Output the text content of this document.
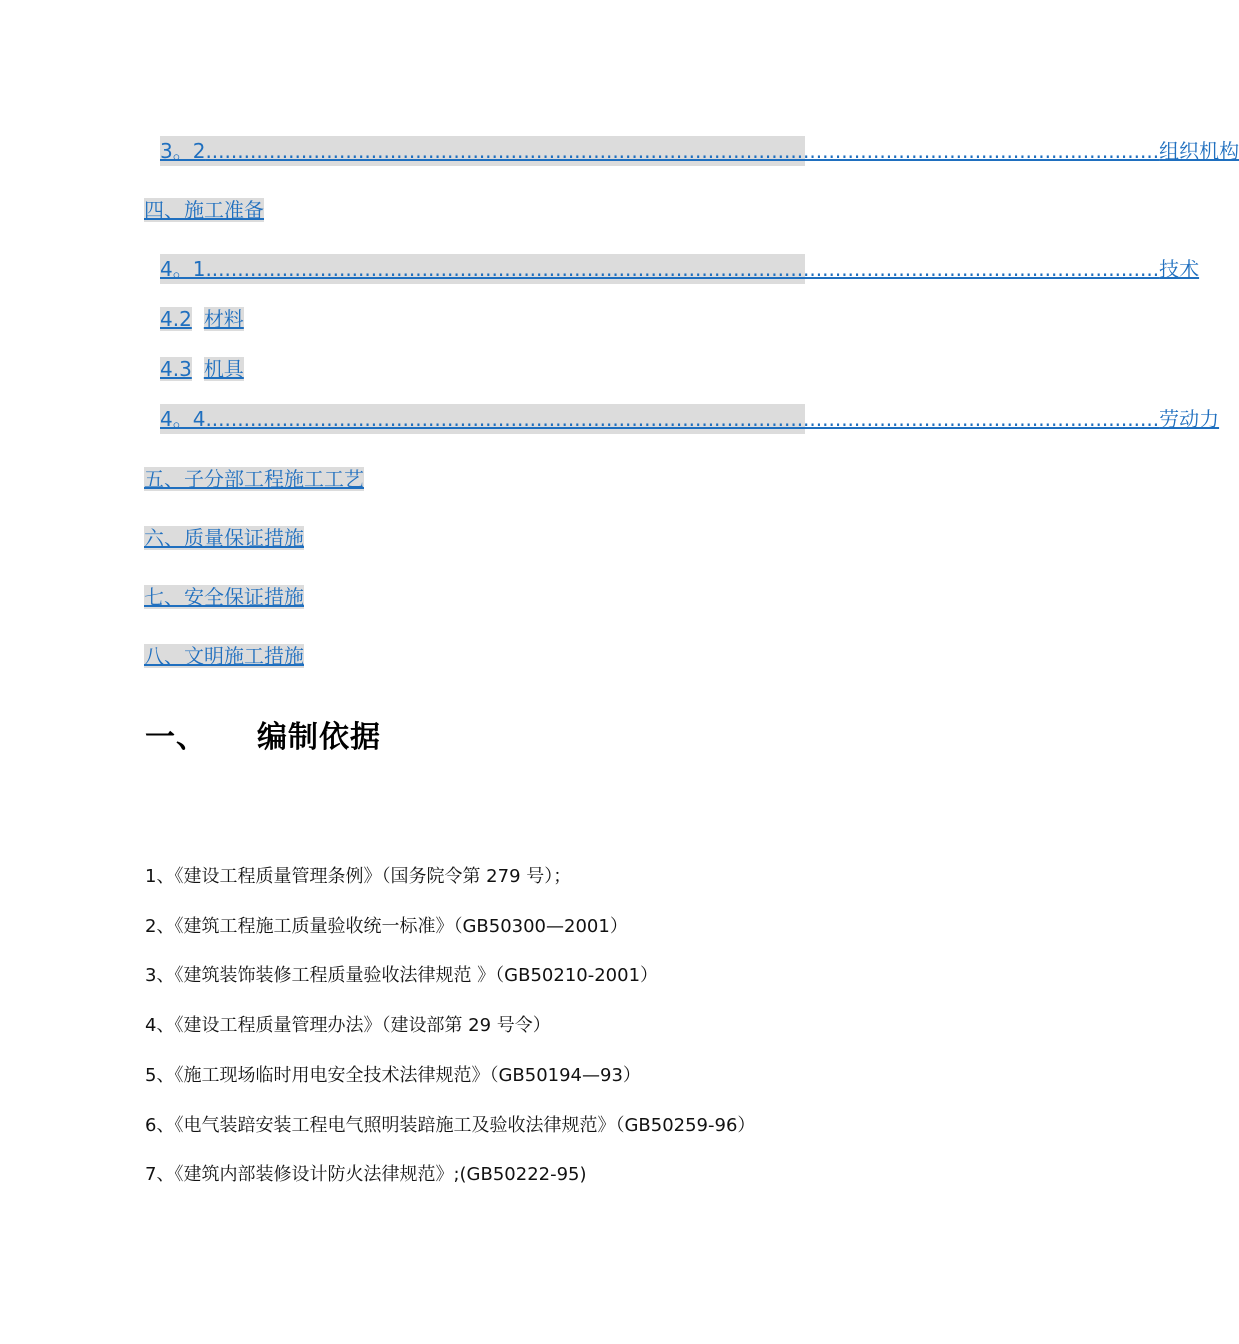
3。2 ...................................................................................................................................................... 组织机构
四、施工准备
4。1 ...................................................................................................................................................... 技术
4.2 材料
4.3 机具
4。4 ...................................................................................................................................................... 劳动力
五、子分部工程施工工艺
六、质量保证措施
七、安全保证措施
八、文明施工措施
一、 编制依据
1、《建设工程质量管理条例》（国务院令第 279 号）；
2、《建筑工程施工质量验收统一标准》（GB50300—2001）
3、《建筑装饰装修工程质量验收法律规范 》（GB50210-2001）
4、《建设工程质量管理办法》（建设部第 29 号令）
5、《施工现场临时用电安全技术法律规范》（GB50194—93）
6、《电气装踣安装工程电气照明装踣施工及验收法律规范》（GB50259-96）
7、《建筑内部装修设计防火法律规范》;(GB50222-95)
